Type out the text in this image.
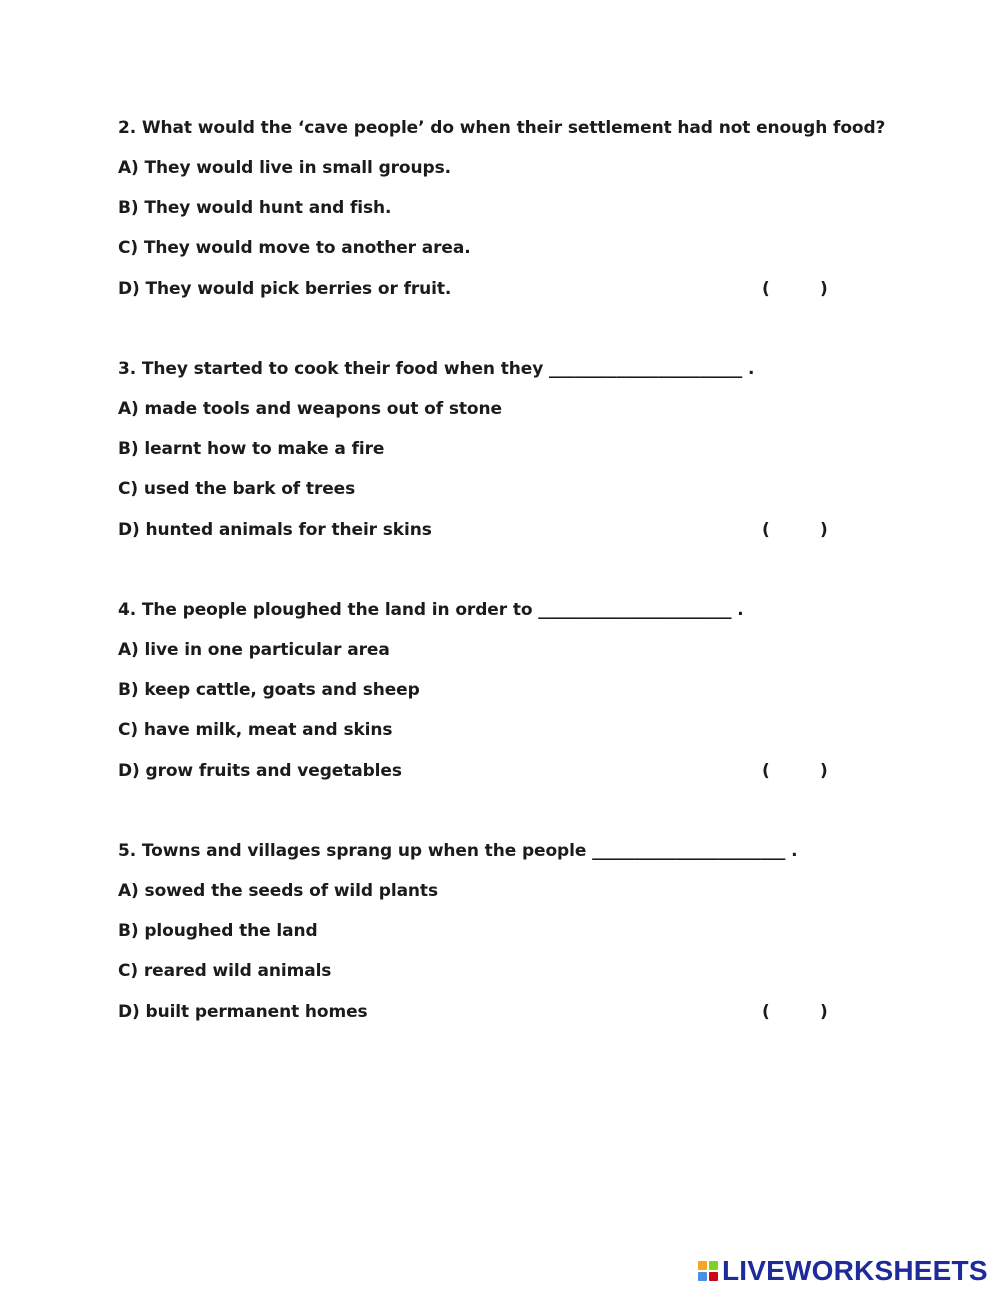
2. What would the ‘cave people’ do when their settlement had not enough food?
A) They would live in small groups.
B) They would hunt and fish.
C) They would move to another area.
D) They would pick berries or fruit.	(	)
3. They started to cook their food when they _______________________ .
A) made tools and weapons out of stone
B) learnt how to make a fire
C) used the bark of trees
D) hunted animals for their skins	(	)
4. The people ploughed the land in order to _______________________ .
A) live in one particular area
B) keep cattle, goats and sheep
C) have milk, meat and skins
D) grow fruits and vegetables	(	)
5. Towns and villages sprang up when the people _______________________ .
A) sowed the seeds of wild plants
B) ploughed the land
C) reared wild animals
D) built permanent homes	(	)
LIVEWORKSHEETS
